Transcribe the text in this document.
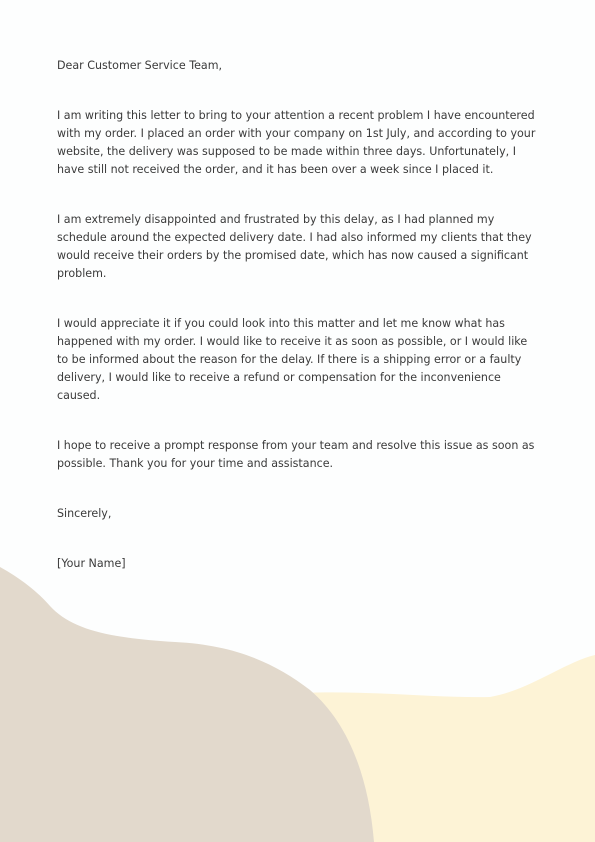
Dear Customer Service Team,

I am writing this letter to bring to your attention a recent problem I have encountered with my order. I placed an order with your company on 1st July, and according to your website, the delivery was supposed to be made within three days. Unfortunately, I have still not received the order, and it has been over a week since I placed it.

I am extremely disappointed and frustrated by this delay, as I had planned my schedule around the expected delivery date. I had also informed my clients that they would receive their orders by the promised date, which has now caused a significant problem.

I would appreciate it if you could look into this matter and let me know what has happened with my order. I would like to receive it as soon as possible, or I would like to be informed about the reason for the delay. If there is a shipping error or a faulty delivery, I would like to receive a refund or compensation for the inconvenience caused.

I hope to receive a prompt response from your team and resolve this issue as soon as possible. Thank you for your time and assistance.

Sincerely,

[Your Name]
